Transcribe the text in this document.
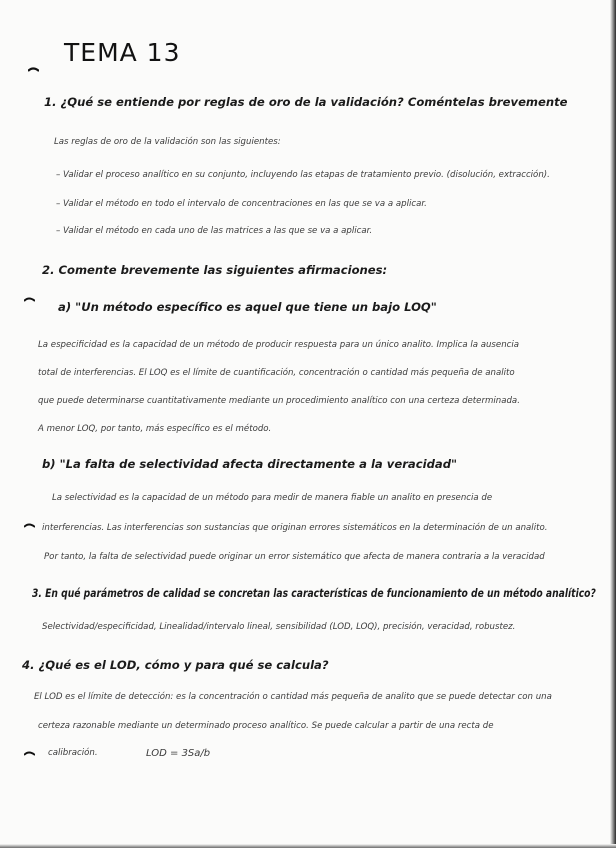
TEMA 13
1. ¿Qué se entiende por reglas de oro de la validación? Coméntelas brevemente
Las reglas de oro de la validación son las siguientes:
– Validar el proceso analítico en su conjunto, incluyendo las etapas de tratamiento previo. (disolución, extracción).
– Validar el método en todo el intervalo de concentraciones en las que se va a aplicar.
– Validar el método en cada uno de las matrices a las que se va a aplicar.
2. Comente brevemente las siguientes afirmaciones:
a) "Un método específico es aquel que tiene un bajo LOQ"
La especificidad es la capacidad de un método de producir respuesta para un único analito. Implica la ausencia
total de interferencias. El LOQ es el límite de cuantificación, concentración o cantidad más pequeña de analito
que puede determinarse cuantitativamente mediante un procedimiento analítico con una certeza determinada.
A menor LOQ, por tanto, más específico es el método.
b) "La falta de selectividad afecta directamente a la veracidad"
La selectividad es la capacidad de un método para medir de manera fiable un analito en presencia de
interferencias. Las interferencias son sustancias que originan errores sistemáticos en la determinación de un analito.
Por tanto, la falta de selectividad puede originar un error sistemático que afecta de manera contraria a la veracidad
3. En qué parámetros de calidad se concretan las características de funcionamiento de un método analítico?
Selectividad/especificidad, Linealidad/intervalo lineal, sensibilidad (LOD, LOQ), precisión, veracidad, robustez.
4. ¿Qué es el LOD, cómo y para qué se calcula?
El LOD es el límite de detección: es la concentración o cantidad más pequeña de analito que se puede detectar con una
certeza razonable mediante un determinado proceso analítico. Se puede calcular a partir de una recta de
calibración.	LOD = 3Sa/b
